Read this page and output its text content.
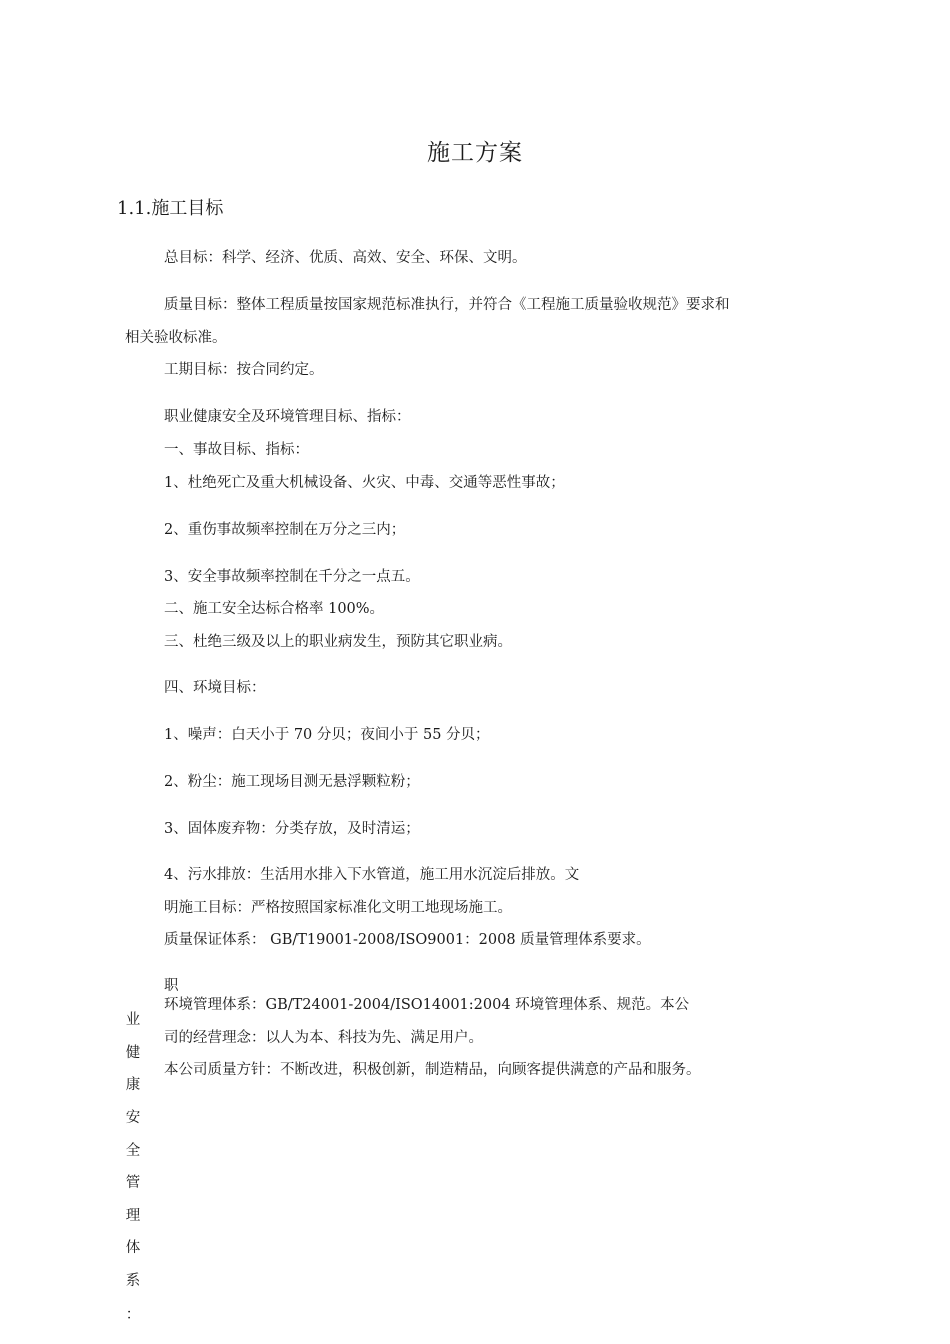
施工方案
1.1.施工目标
总目标：科学、经济、优质、高效、安全、环保、文明。
质量目标：整体工程质量按国家规范标准执行，并符合《工程施工质量验收规范》要求和
相关验收标准。
工期目标：按合同约定。
职业健康安全及环境管理目标、指标：
一、事故目标、指标：
1、杜绝死亡及重大机械设备、火灾、中毒、交通等恶性事故；
2、重伤事故频率控制在万分之三内；
3、安全事故频率控制在千分之一点五。
二、施工安全达标合格率 100%。
三、杜绝三级及以上的职业病发生，预防其它职业病。
四、环境目标：
1、噪声：白天小于 70 分贝；夜间小于 55 分贝；
2、粉尘：施工现场目测无悬浮颗粒粉；
3、固体废弃物：分类存放，及时清运；
4、污水排放：生活用水排入下水管道，施工用水沉淀后排放。文
明施工目标：严格按照国家标准化文明工地现场施工。
质量保证体系： GB/T19001-2008/ISO9001：2008 质量管理体系要求。
职
环境管理体系：GB/T24001-2004/ISO14001:2004 环境管理体系、规范。本公
司的经营理念：以人为本、科技为先、满足用户。
本公司质量方针：不断改进，积极创新，制造精品，向顾客提供满意的产品和服务。
业
健
康
安
全
管
理
体
系
：
